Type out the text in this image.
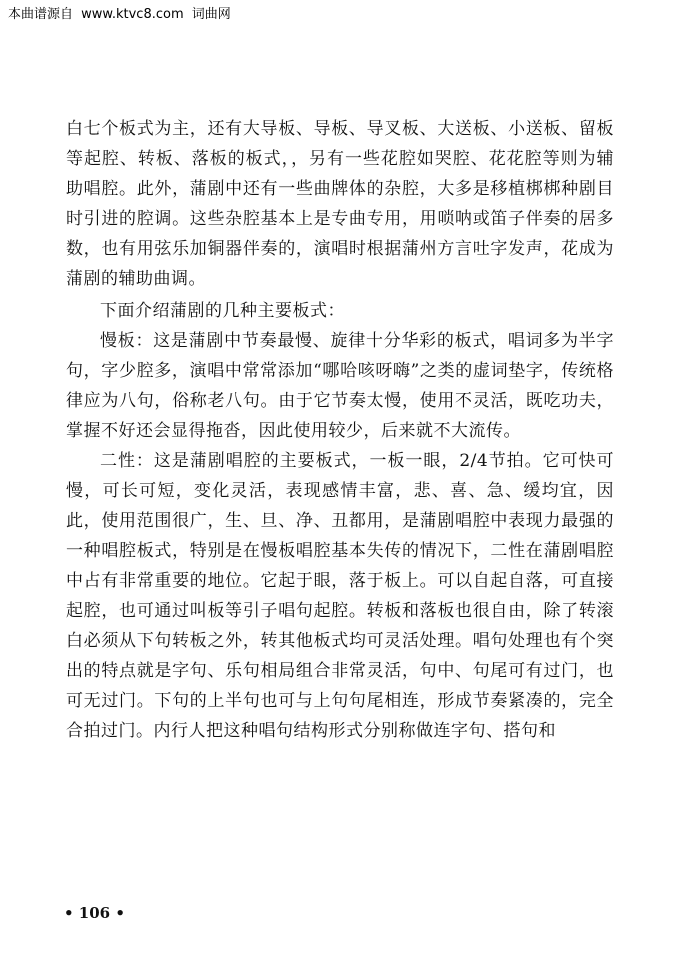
本曲谱源自 www.ktvc8.com 词曲网

白七个板式为主，还有大导板、导板、导叉板、大送板、小送板、留板等起腔、转板、落板的板式，，另有一些花腔如哭腔、花花腔等则为辅助唱腔。此外，蒲剧中还有一些曲牌体的杂腔，大多是移植梆梆种剧目时引进的腔调。这些杂腔基本上是专曲专用，用唢呐或笛子伴奏的居多数，也有用弦乐加铜器伴奏的，演唱时根据蒲州方言吐字发声，花成为蒲剧的辅助曲调。

下面介绍蒲剧的几种主要板式：

慢板：这是蒲剧中节奏最慢、旋律十分华彩的板式，唱词多为半字句，字少腔多，演唱中常常添加“哪哈咳呀嗨”之类的虚词垫字，传统格律应为八句，俗称老八句。由于它节奏太慢，使用不灵活，既吃功夫，掌握不好还会显得拖沓，因此使用较少，后来就不大流传。

二性：这是蒲剧唱腔的主要板式，一板一眼，2/4节拍。它可快可慢，可长可短，变化灵活，表现感情丰富，悲、喜、急、缓均宜，因此，使用范围很广，生、旦、净、丑都用，是蒲剧唱腔中表现力最强的一种唱腔板式，特别是在慢板唱腔基本失传的情况下，二性在蒲剧唱腔中占有非常重要的地位。它起于眼，落于板上。可以自起自落，可直接起腔，也可通过叫板等引子唱句起腔。转板和落板也很自由，除了转滚白必须从下句转板之外，转其他板式均可灵活处理。唱句处理也有个突出的特点就是字句、乐句相局组合非常灵活，句中、句尾可有过门，也可无过门。下句的上半句也可与上句句尾相连，形成节奏紧凑的，完全合拍过门。内行人把这种唱句结构形式分别称做连字句、搭句和

• 106 •
